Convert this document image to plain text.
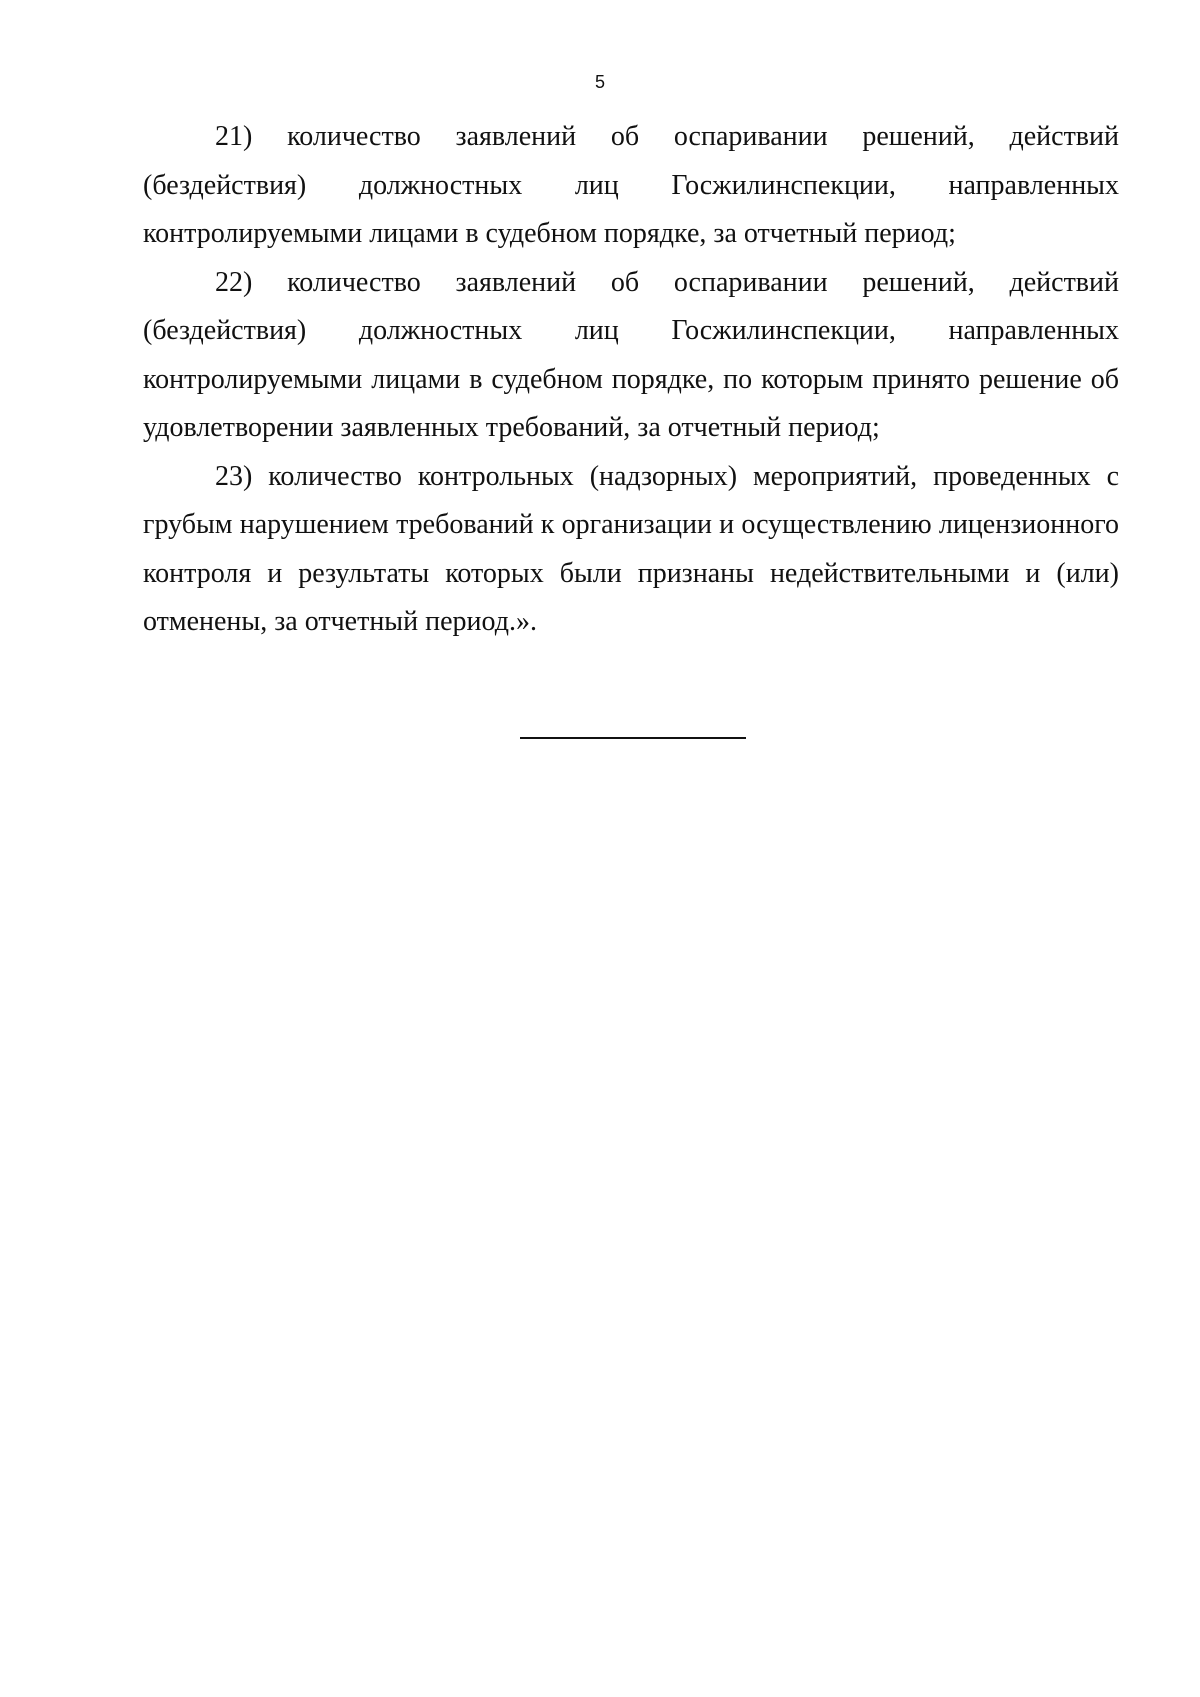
5

21) количество заявлений об оспаривании решений, действий (бездействия) должностных лиц Госжилинспекции, направленных контролируемыми лицами в судебном порядке, за отчетный период;

22) количество заявлений об оспаривании решений, действий (бездействия) должностных лиц Госжилинспекции, направленных контролируемыми лицами в судебном порядке, по которым принято решение об удовлетворении заявленных требований, за отчетный период;

23) количество контрольных (надзорных) мероприятий, проведенных с грубым нарушением требований к организации и осуществлению лицензионного контроля и результаты которых были признаны недействительными и (или) отменены, за отчетный период.».
